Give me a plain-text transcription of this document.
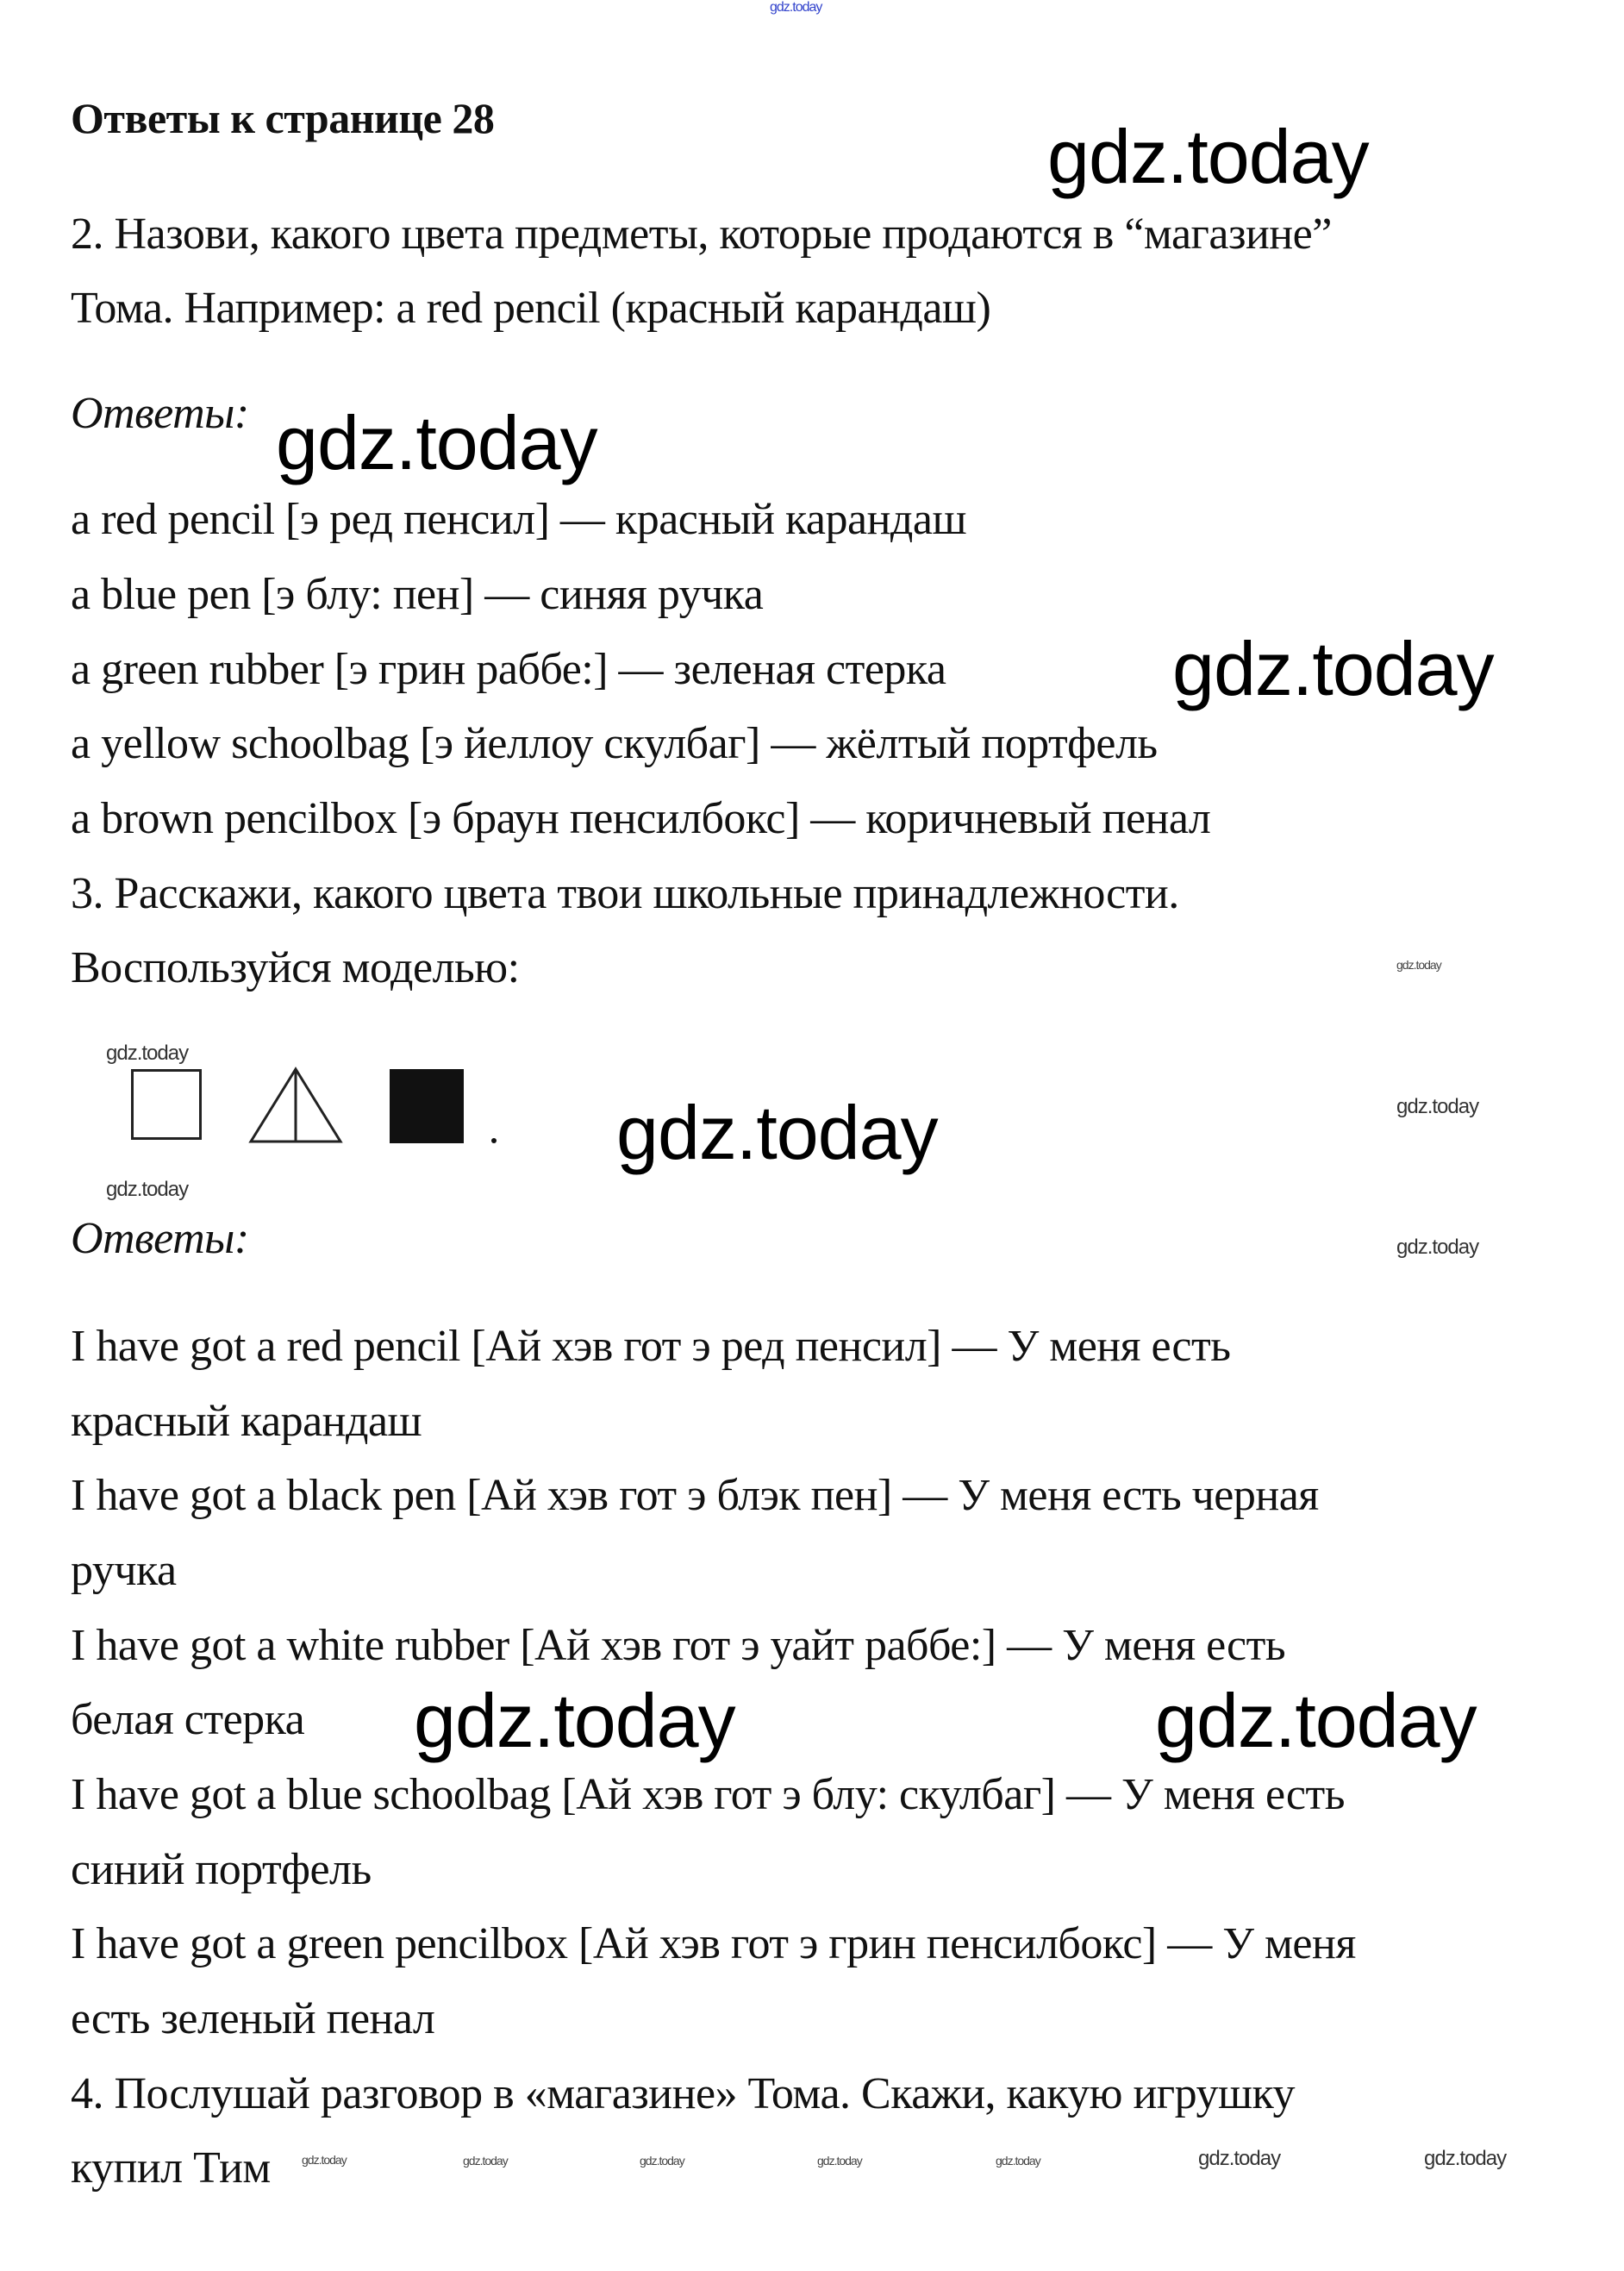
gdz.today
Ответы к странице 28
2. Назови, какого цвета предметы, которые продаются в “магазине”
Тома. Например: a red pencil (красный карандаш)
Ответы:
a red pencil [э ред пенсил] — красный карандаш
a blue pen [э блу: пен] — синяя ручка
a green rubber [э грин раббе:] — зеленая стерка
a yellow schoolbag [э йеллоу скулбаг] — жёлтый портфель
a brown pencilbox [э браун пенсилбокс] — коричневый пенал
3. Расскажи, какого цвета твои школьные принадлежности.
Воспользуйся моделью:
Ответы:
I have got a red pencil [Ай хэв гот э ред пенсил] — У меня есть
красный карандаш
I have got a black pen [Ай хэв гот э блэк пен] — У меня есть черная
ручка
I have got a white rubber [Ай хэв гот э уайт раббе:] — У меня есть
белая стерка
I have got a blue schoolbag [Ай хэв гот э блу: скулбаг] — У меня есть
синий портфель
I have got a green pencilbox [Ай хэв гот э грин пенсилбокс] — У меня
есть зеленый пенал
4. Послушай разговор в «магазине» Тома. Скажи, какую игрушку
купил Тим
gdz.today
gdz.today
gdz.today
gdz.today
gdz.today	gdz.today
gdz.today
gdz.today
gdz.today
gdz.today
gdz.today
gdz.today	gdz.today	gdz.today	gdz.today	gdz.today	gdz.today	gdz.today
